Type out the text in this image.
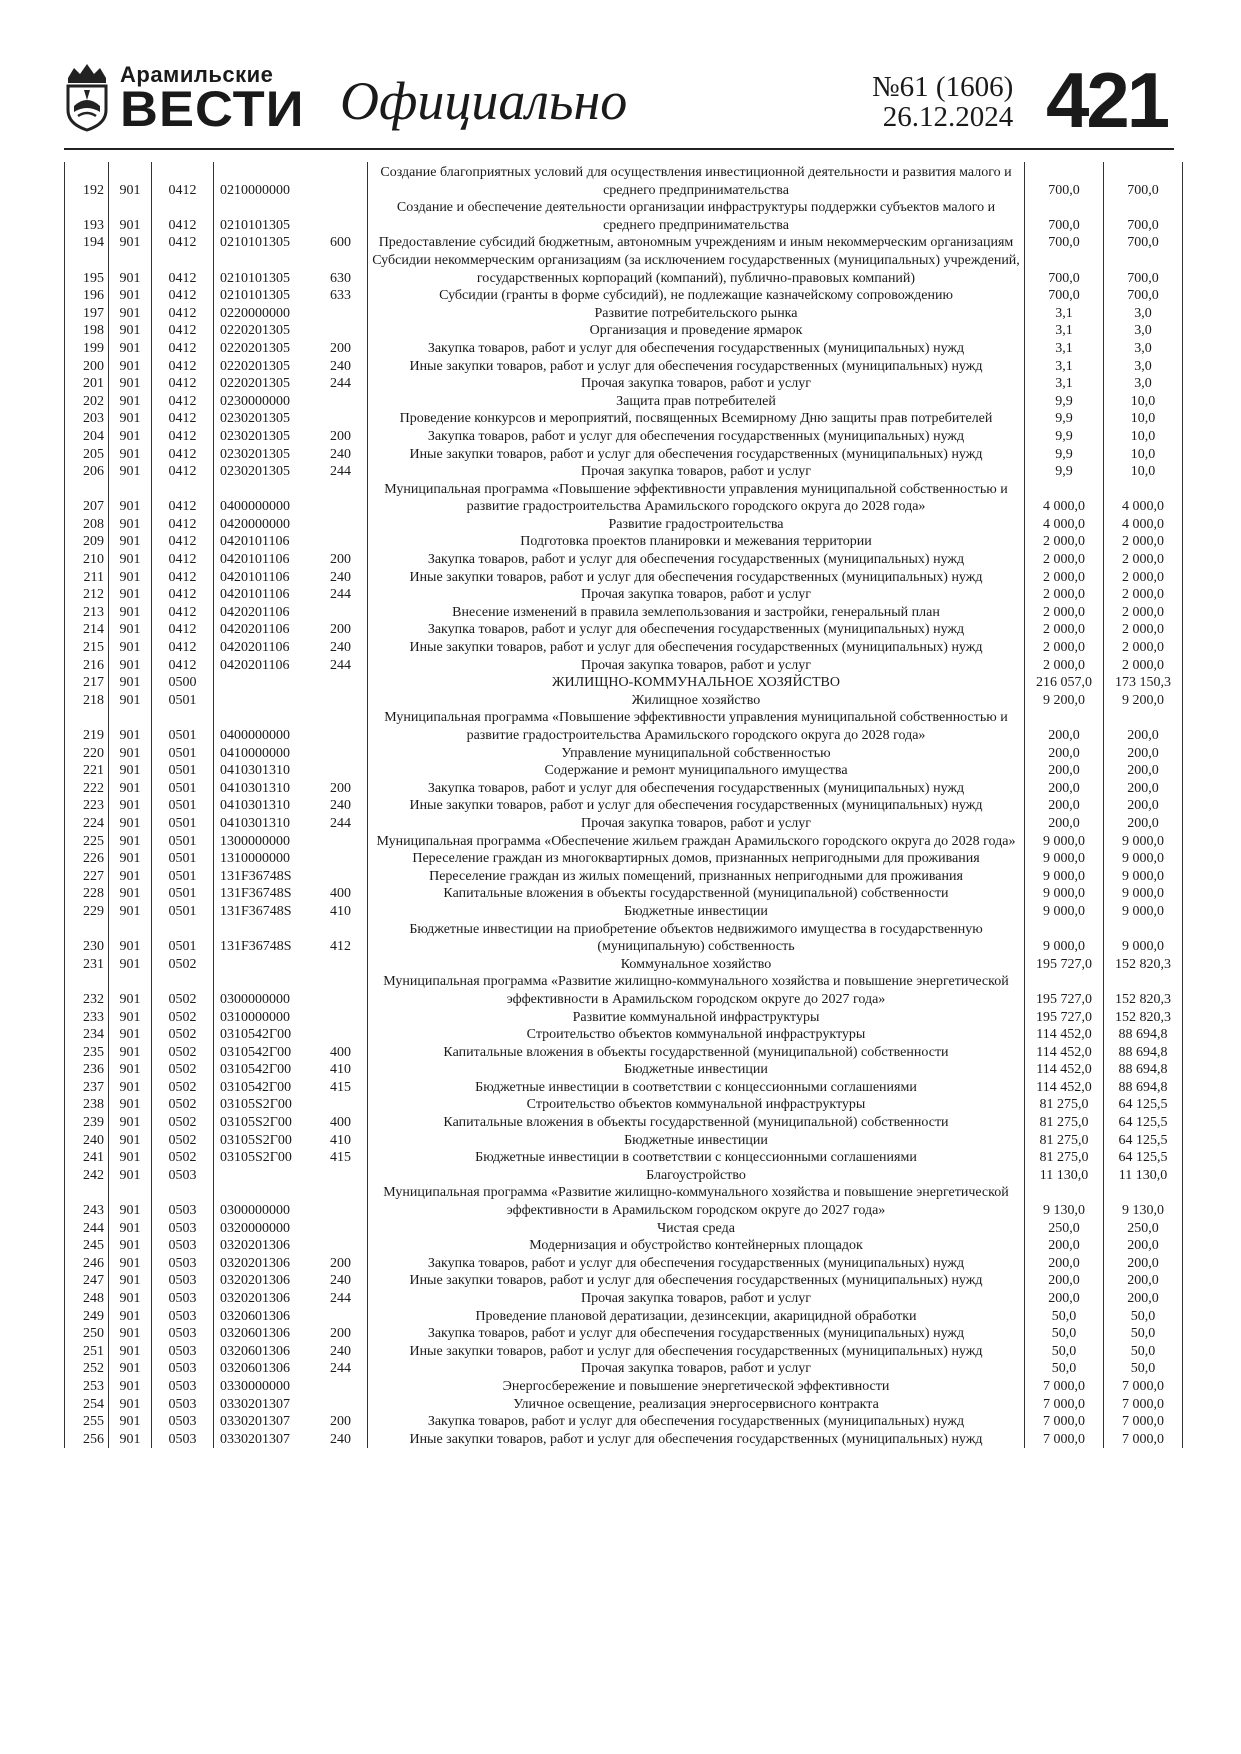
Арамильские
ВЕСТИ Официально	№61 (1606)
26.12.2024 421
192	901	0412	0210000000		Создание благоприятных условий для осуществления инвестиционной деятельности и развития малого и среднего предпринимательства	700,0	700,0
193	901	0412	0210101305		Создание и обеспечение деятельности организации инфраструктуры поддержки субъектов малого и среднего предпринимательства	700,0	700,0
194	901	0412	0210101305	600	Предоставление субсидий бюджетным, автономным учреждениям и иным некоммерческим организациям	700,0	700,0
195	901	0412	0210101305	630	Субсидии некоммерческим организациям (за исключением государственных (муниципальных) учреждений, государственных корпораций (компаний), публично-правовых компаний)	700,0	700,0
196	901	0412	0210101305	633	Субсидии (гранты в форме субсидий), не подлежащие казначейскому сопровождению	700,0	700,0
197	901	0412	0220000000		Развитие потребительского рынка	3,1	3,0
198	901	0412	0220201305		Организация и проведение ярмарок	3,1	3,0
199	901	0412	0220201305	200	Закупка товаров, работ и услуг для обеспечения государственных (муниципальных) нужд	3,1	3,0
200	901	0412	0220201305	240	Иные закупки товаров, работ и услуг для обеспечения государственных (муниципальных) нужд	3,1	3,0
201	901	0412	0220201305	244	Прочая закупка товаров, работ и услуг	3,1	3,0
202	901	0412	0230000000		Защита прав потребителей	9,9	10,0
203	901	0412	0230201305		Проведение конкурсов и мероприятий, посвященных Всемирному Дню защиты прав потребителей	9,9	10,0
204	901	0412	0230201305	200	Закупка товаров, работ и услуг для обеспечения государственных (муниципальных) нужд	9,9	10,0
205	901	0412	0230201305	240	Иные закупки товаров, работ и услуг для обеспечения государственных (муниципальных) нужд	9,9	10,0
206	901	0412	0230201305	244	Прочая закупка товаров, работ и услуг	9,9	10,0
207	901	0412	0400000000		Муниципальная программа «Повышение эффективности управления муниципальной собственностью и развитие градостроительства Арамильского городского округа до 2028 года»	4 000,0	4 000,0
208	901	0412	0420000000		Развитие градостроительства	4 000,0	4 000,0
209	901	0412	0420101106		Подготовка проектов планировки и межевания территории	2 000,0	2 000,0
210	901	0412	0420101106	200	Закупка товаров, работ и услуг для обеспечения государственных (муниципальных) нужд	2 000,0	2 000,0
211	901	0412	0420101106	240	Иные закупки товаров, работ и услуг для обеспечения государственных (муниципальных) нужд	2 000,0	2 000,0
212	901	0412	0420101106	244	Прочая закупка товаров, работ и услуг	2 000,0	2 000,0
213	901	0412	0420201106		Внесение изменений в правила землепользования и застройки, генеральный план	2 000,0	2 000,0
214	901	0412	0420201106	200	Закупка товаров, работ и услуг для обеспечения государственных (муниципальных) нужд	2 000,0	2 000,0
215	901	0412	0420201106	240	Иные закупки товаров, работ и услуг для обеспечения государственных (муниципальных) нужд	2 000,0	2 000,0
216	901	0412	0420201106	244	Прочая закупка товаров, работ и услуг	2 000,0	2 000,0
217	901	0500			ЖИЛИЩНО-КОММУНАЛЬНОЕ ХОЗЯЙСТВО	216 057,0	173 150,3
218	901	0501			Жилищное хозяйство	9 200,0	9 200,0
219	901	0501	0400000000		Муниципальная программа «Повышение эффективности управления муниципальной собственностью и развитие градостроительства Арамильского городского округа до 2028 года»	200,0	200,0
220	901	0501	0410000000		Управление муниципальной собственностью	200,0	200,0
221	901	0501	0410301310		Содержание и ремонт муниципального имущества	200,0	200,0
222	901	0501	0410301310	200	Закупка товаров, работ и услуг для обеспечения государственных (муниципальных) нужд	200,0	200,0
223	901	0501	0410301310	240	Иные закупки товаров, работ и услуг для обеспечения государственных (муниципальных) нужд	200,0	200,0
224	901	0501	0410301310	244	Прочая закупка товаров, работ и услуг	200,0	200,0
225	901	0501	1300000000		Муниципальная программа «Обеспечение жильем граждан Арамильского городского округа до 2028 года»	9 000,0	9 000,0
226	901	0501	1310000000		Переселение граждан из многоквартирных домов, признанных непригодными для проживания	9 000,0	9 000,0
227	901	0501	131F36748S		Переселение граждан из жилых помещений, признанных непригодными для проживания	9 000,0	9 000,0
228	901	0501	131F36748S	400	Капитальные вложения в объекты государственной (муниципальной) собственности	9 000,0	9 000,0
229	901	0501	131F36748S	410	Бюджетные инвестиции	9 000,0	9 000,0
230	901	0501	131F36748S	412	Бюджетные инвестиции на приобретение объектов недвижимого имущества в государственную (муниципальную) собственность	9 000,0	9 000,0
231	901	0502			Коммунальное хозяйство	195 727,0	152 820,3
232	901	0502	0300000000		Муниципальная программа «Развитие жилищно-коммунального хозяйства и повышение энергетической эффективности в Арамильском городском округе до 2027 года»	195 727,0	152 820,3
233	901	0502	0310000000		Развитие коммунальной инфраструктуры	195 727,0	152 820,3
234	901	0502	0310542Г00		Строительство объектов коммунальной инфраструктуры	114 452,0	88 694,8
235	901	0502	0310542Г00	400	Капитальные вложения в объекты государственной (муниципальной) собственности	114 452,0	88 694,8
236	901	0502	0310542Г00	410	Бюджетные инвестиции	114 452,0	88 694,8
237	901	0502	0310542Г00	415	Бюджетные инвестиции в соответствии с концессионными соглашениями	114 452,0	88 694,8
238	901	0502	03105S2Г00		Строительство объектов коммунальной инфраструктуры	81 275,0	64 125,5
239	901	0502	03105S2Г00	400	Капитальные вложения в объекты государственной (муниципальной) собственности	81 275,0	64 125,5
240	901	0502	03105S2Г00	410	Бюджетные инвестиции	81 275,0	64 125,5
241	901	0502	03105S2Г00	415	Бюджетные инвестиции в соответствии с концессионными соглашениями	81 275,0	64 125,5
242	901	0503			Благоустройство	11 130,0	11 130,0
243	901	0503	0300000000		Муниципальная программа «Развитие жилищно-коммунального хозяйства и повышение энергетической эффективности в Арамильском городском округе до 2027 года»	9 130,0	9 130,0
244	901	0503	0320000000		Чистая среда	250,0	250,0
245	901	0503	0320201306		Модернизация и обустройство контейнерных площадок	200,0	200,0
246	901	0503	0320201306	200	Закупка товаров, работ и услуг для обеспечения государственных (муниципальных) нужд	200,0	200,0
247	901	0503	0320201306	240	Иные закупки товаров, работ и услуг для обеспечения государственных (муниципальных) нужд	200,0	200,0
248	901	0503	0320201306	244	Прочая закупка товаров, работ и услуг	200,0	200,0
249	901	0503	0320601306		Проведение плановой дератизации, дезинсекции, акарицидной обработки	50,0	50,0
250	901	0503	0320601306	200	Закупка товаров, работ и услуг для обеспечения государственных (муниципальных) нужд	50,0	50,0
251	901	0503	0320601306	240	Иные закупки товаров, работ и услуг для обеспечения государственных (муниципальных) нужд	50,0	50,0
252	901	0503	0320601306	244	Прочая закупка товаров, работ и услуг	50,0	50,0
253	901	0503	0330000000		Энергосбережение и повышение энергетической эффективности	7 000,0	7 000,0
254	901	0503	0330201307		Уличное освещение, реализация энергосервисного контракта	7 000,0	7 000,0
255	901	0503	0330201307	200	Закупка товаров, работ и услуг для обеспечения государственных (муниципальных) нужд	7 000,0	7 000,0
256	901	0503	0330201307	240	Иные закупки товаров, работ и услуг для обеспечения государственных (муниципальных) нужд	7 000,0	7 000,0
